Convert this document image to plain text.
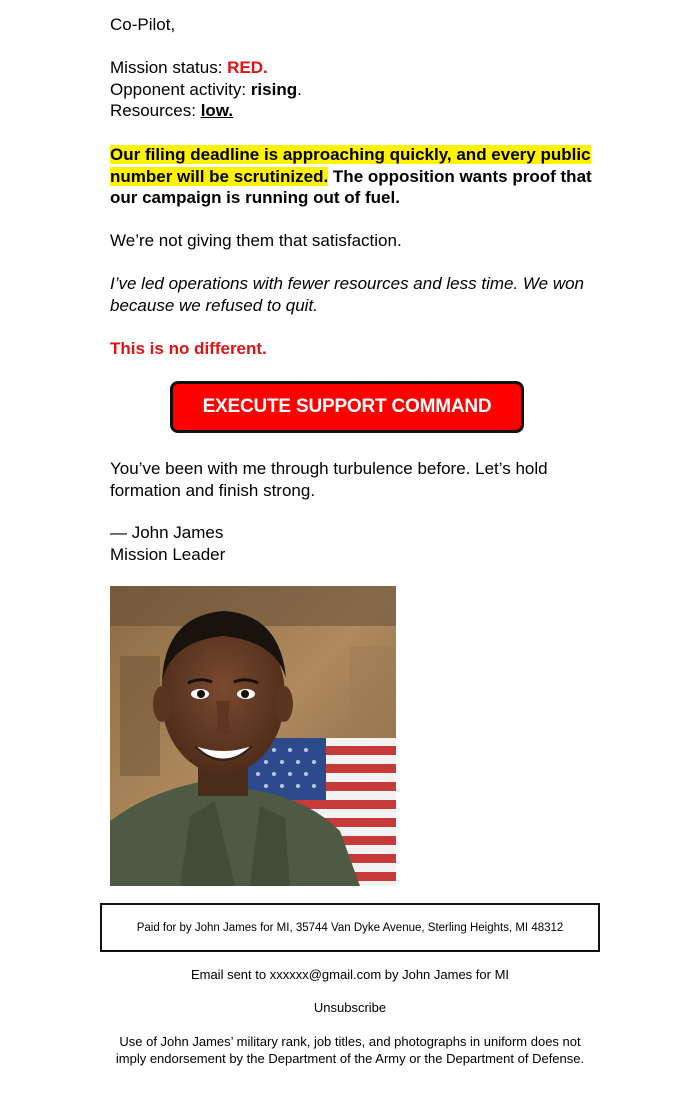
Co-Pilot,
Mission status: RED.
Opponent activity: rising.
Resources: low.
Our filing deadline is approaching quickly, and every public number will be scrutinized. The opposition wants proof that our campaign is running out of fuel.
We’re not giving them that satisfaction.
I’ve led operations with fewer resources and less time. We won because we refused to quit.
This is no different.
EXECUTE SUPPORT COMMAND
You’ve been with me through turbulence before. Let’s hold formation and finish strong.
— John James
Mission Leader
Paid for by John James for MI, 35744 Van Dyke Avenue, Sterling Heights, MI 48312
Email sent to xxxxxx@gmail.com by John James for MI
Unsubscribe
Use of John James’ military rank, job titles, and photographs in uniform does not imply endorsement by the Department of the Army or the Department of Defense.
